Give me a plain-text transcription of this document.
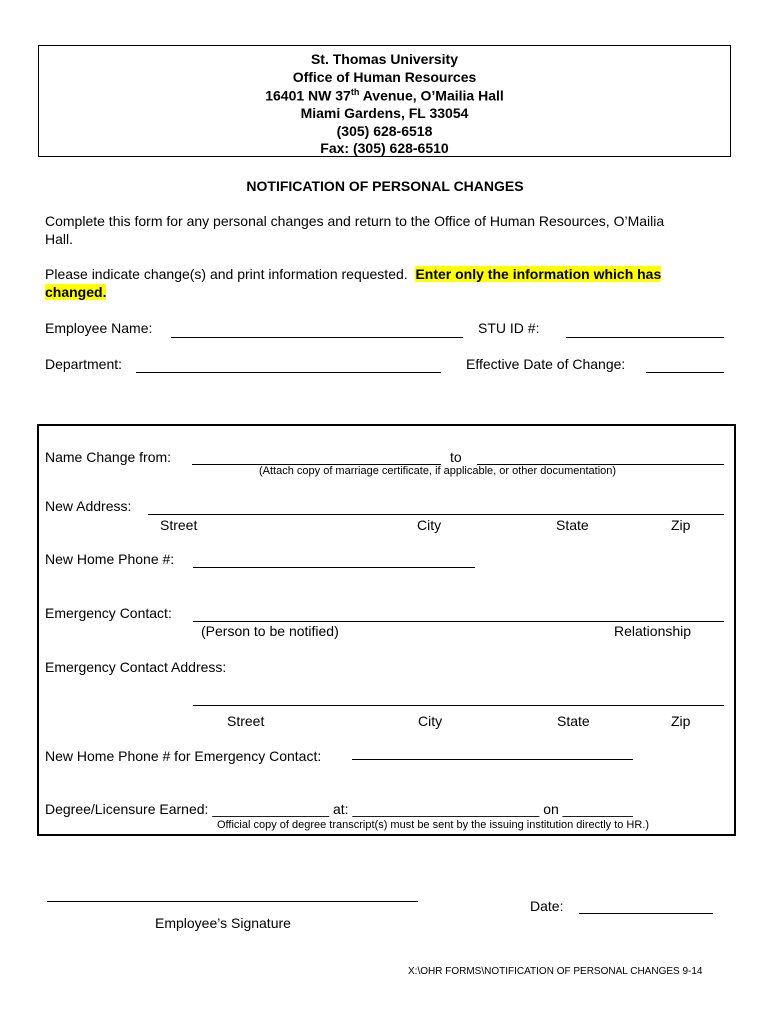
St. Thomas University
Office of Human Resources
16401 NW 37th Avenue, O’Mailia Hall
Miami Gardens, FL 33054
(305) 628-6518
Fax: (305) 628-6510
NOTIFICATION OF PERSONAL CHANGES
Complete this form for any personal changes and return to the Office of Human Resources, O’Mailia
Hall.
Please indicate change(s) and print information requested. Enter only the information which has
changed.
Employee Name:	STU ID #:
Department:	Effective Date of Change:
Name Change from:	to
(Attach copy of marriage certificate, if applicable, or other documentation)
New Address:
Street	City	State	Zip
New Home Phone #:
Emergency Contact:
(Person to be notified)	Relationship
Emergency Contact Address:
Street	City	State	Zip
New Home Phone # for Emergency Contact:
Degree/Licensure Earned: _______________ at: ________________________ on _________
Official copy of degree transcript(s) must be sent by the issuing institution directly to HR.)
Employee’s Signature
Date:
X:\OHR FORMS\NOTIFICATION OF PERSONAL CHANGES 9-14
